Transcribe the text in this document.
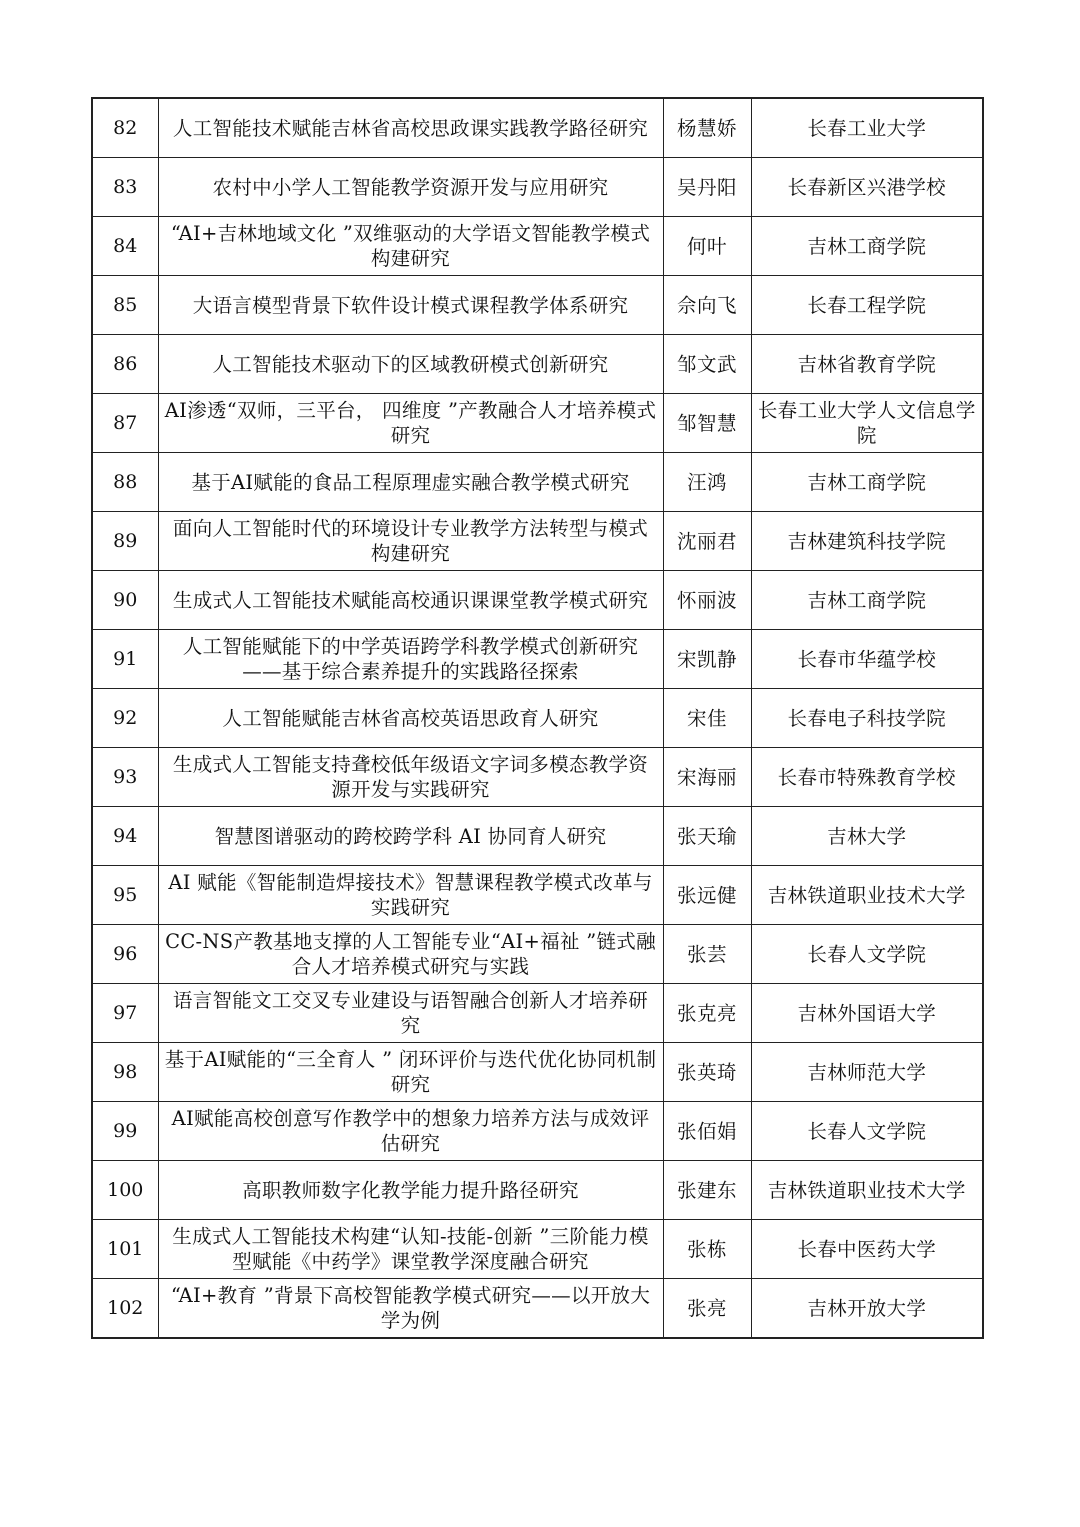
82	人工智能技术赋能吉林省高校思政课实践教学路径研究	杨慧娇	长春工业大学
83	农村中小学人工智能教学资源开发与应用研究	吴丹阳	长春新区兴港学校
84	“AI+吉林地域文化 ”双维驱动的大学语文智能教学模式构建研究	何叶	吉林工商学院
85	大语言模型背景下软件设计模式课程教学体系研究	佘向飞	长春工程学院
86	人工智能技术驱动下的区域教研模式创新研究	邹文武	吉林省教育学院
87	AI渗透“双师，三平台， 四维度 ”产教融合人才培养模式研究	邹智慧	长春工业大学人文信息学院
88	基于AI赋能的食品工程原理虚实融合教学模式研究	汪鸿	吉林工商学院
89	面向人工智能时代的环境设计专业教学方法转型与模式构建研究	沈丽君	吉林建筑科技学院
90	生成式人工智能技术赋能高校通识课课堂教学模式研究	怀丽波	吉林工商学院
91	人工智能赋能下的中学英语跨学科教学模式创新研究——基于综合素养提升的实践路径探索	宋凯静	长春市华蕴学校
92	人工智能赋能吉林省高校英语思政育人研究	宋佳	长春电子科技学院
93	生成式人工智能支持聋校低年级语文字词多模态教学资源开发与实践研究	宋海丽	长春市特殊教育学校
94	智慧图谱驱动的跨校跨学科 AI 协同育人研究	张天瑜	吉林大学
95	AI 赋能《智能制造焊接技术》智慧课程教学模式改革与实践研究	张远健	吉林铁道职业技术大学
96	CC-NS产教基地支撑的人工智能专业“AI+福祉 ”链式融合人才培养模式研究与实践	张芸	长春人文学院
97	语言智能文工交叉专业建设与语智融合创新人才培养研究	张克亮	吉林外国语大学
98	基于AI赋能的“三全育人 ” 闭环评价与迭代优化协同机制研究	张英琦	吉林师范大学
99	AI赋能高校创意写作教学中的想象力培养方法与成效评估研究	张佰娟	长春人文学院
100	高职教师数字化教学能力提升路径研究	张建东	吉林铁道职业技术大学
101	生成式人工智能技术构建“认知-技能-创新 ”三阶能力模型赋能《中药学》课堂教学深度融合研究	张栋	长春中医药大学
102	“AI+教育 ”背景下高校智能教学模式研究——以开放大学为例	张亮	吉林开放大学
